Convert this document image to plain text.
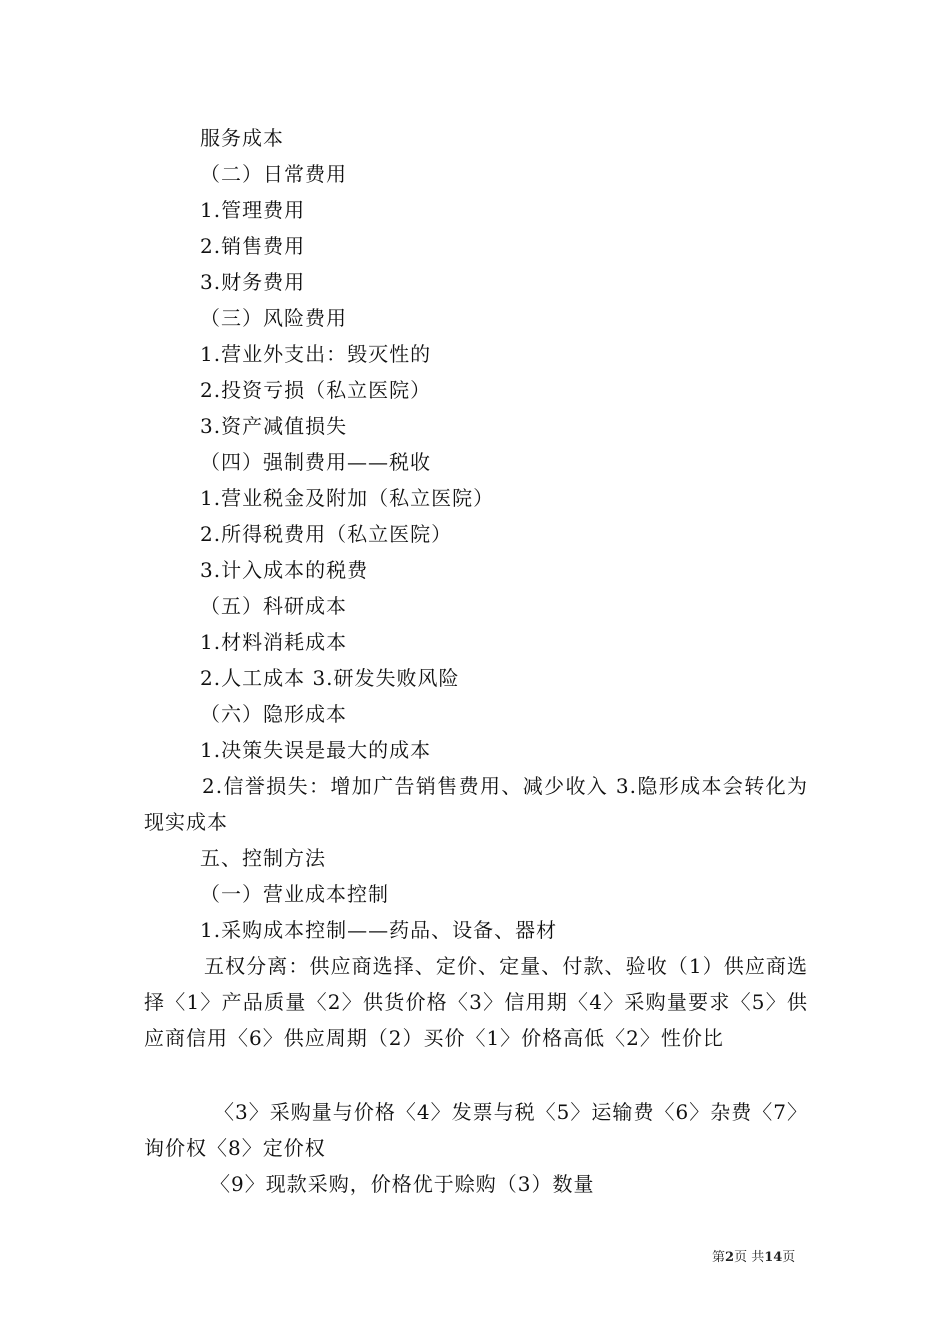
服务成本
（二）日常费用
1.管理费用
2.销售费用
3.财务费用
（三）风险费用
1.营业外支出：毁灭性的
2.投资亏损（私立医院）
3.资产减值损失
（四）强制费用——税收
1.营业税金及附加（私立医院）
2.所得税费用（私立医院）
3.计入成本的税费
（五）科研成本
1.材料消耗成本
2.人工成本 3.研发失败风险
（六）隐形成本
1.决策失误是最大的成本
2.信誉损失：增加广告销售费用、减少收入 3.隐形成本会转化为现实成本
五、控制方法
（一）营业成本控制
1.采购成本控制——药品、设备、器材
五权分离：供应商选择、定价、定量、付款、验收（1）供应商选择〈1〉产品质量〈2〉供货价格〈3〉信用期〈4〉采购量要求〈5〉供应商信用〈6〉供应周期（2）买价〈1〉价格高低〈2〉性价比
〈3〉采购量与价格〈4〉发票与税〈5〉运输费〈6〉杂费〈7〉询价权〈8〉定价权
〈9〉现款采购，价格优于赊购（3）数量
第2页 共14页
